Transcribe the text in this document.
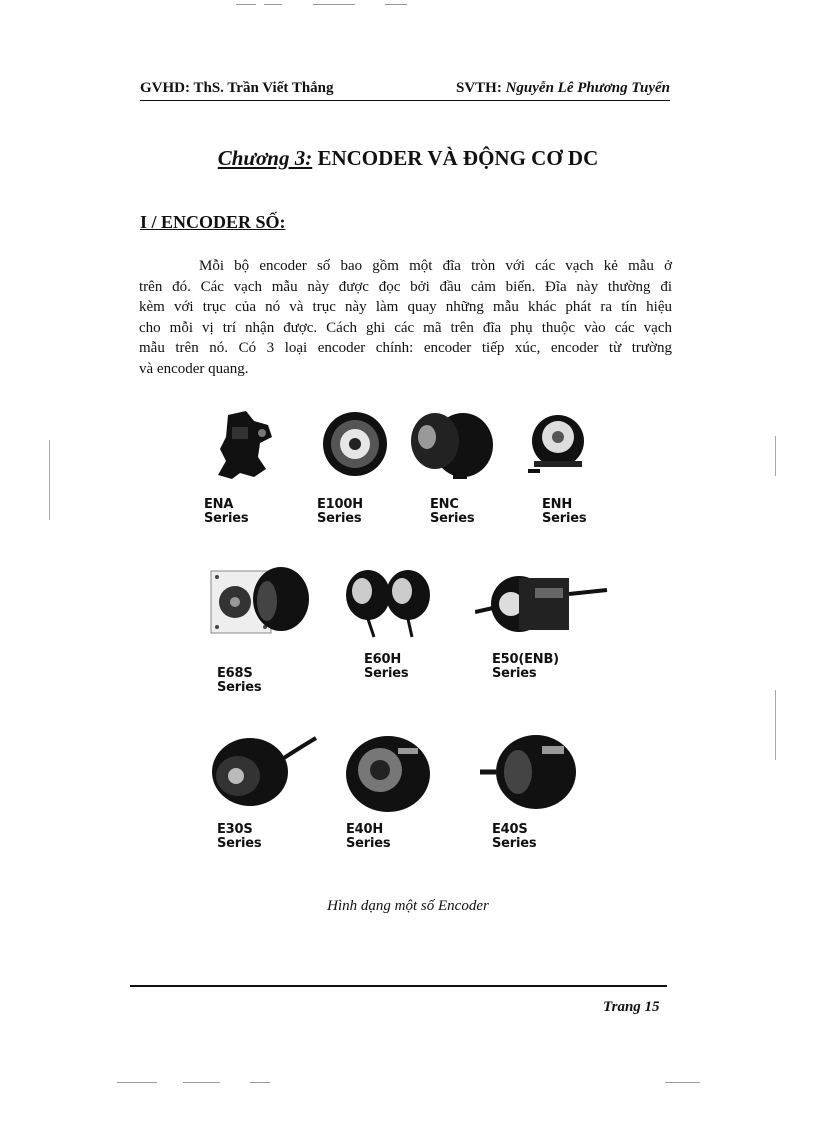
GVHD: ThS. Trần Viết Thắng	SVTH: Nguyễn Lê Phương Tuyến
Chương 3: ENCODER VÀ ĐỘNG CƠ DC
I / ENCODER SỐ:
Mỗi bộ encoder số bao gồm một đĩa tròn với các vạch kẻ mẫu ở
trên đó. Các vạch mẫu này được đọc bởi đầu cảm biến. Đĩa này thường đi
kèm với trục của nó và trục này làm quay những mẫu khác phát ra tín hiệu
cho mỗi vị trí nhận được. Cách ghi các mã trên đĩa phụ thuộc vào các vạch
mẫu trên nó. Có 3 loại encoder chính: encoder tiếp xúc, encoder từ trường
và encoder quang.
ENA
Series
E100H
Series
ENC
Series
ENH
Series
E68S
Series
E60H
Series
E50(ENB)
Series
E30S
Series
E40H
Series
E40S
Series
Hình dạng một số Encoder
Trang 15
